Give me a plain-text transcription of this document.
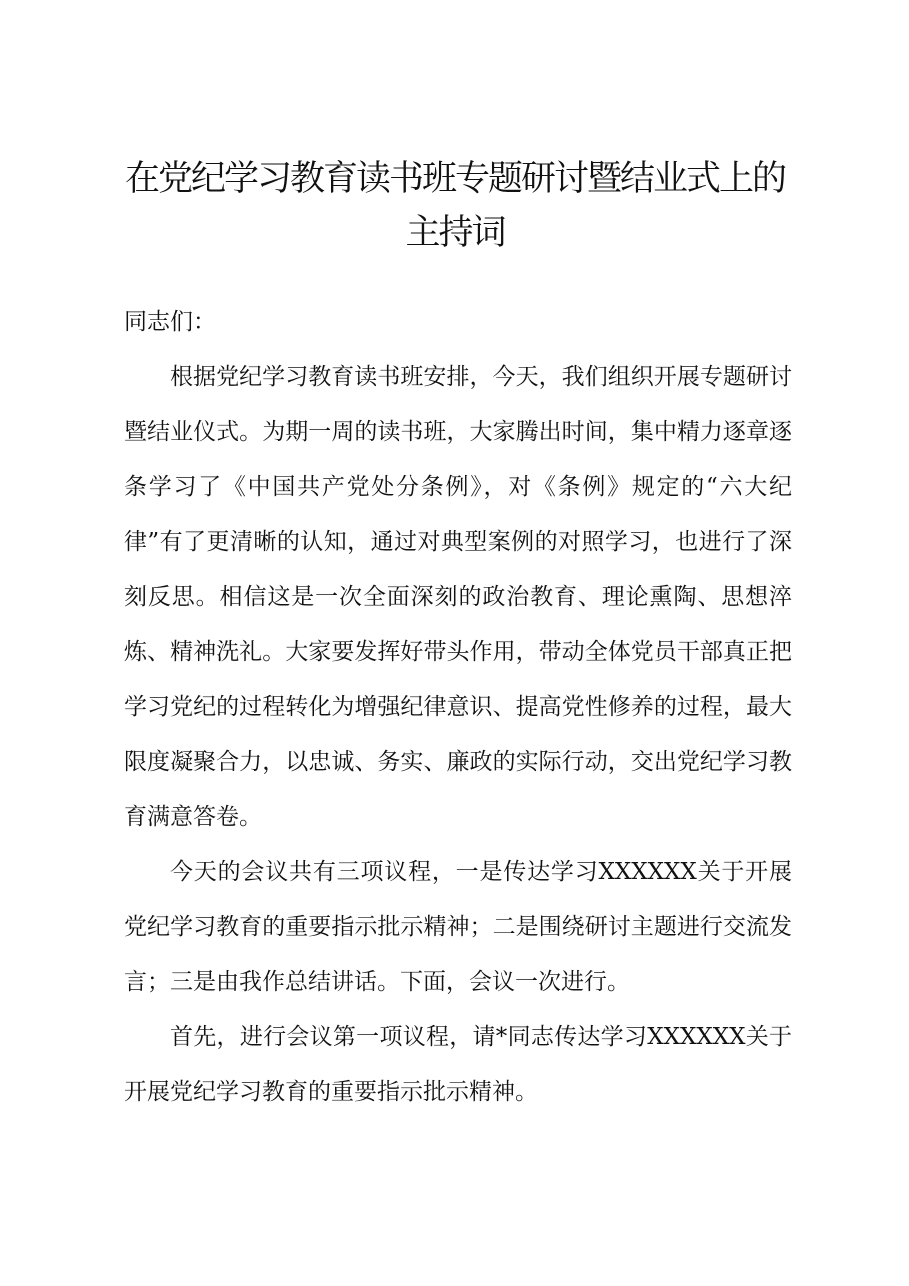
在党纪学习教育读书班专题研讨暨结业式上的
主持词

同志们：

根据党纪学习教育读书班安排，今天，我们组织开展专题研讨暨结业仪式。为期一周的读书班，大家腾出时间，集中精力逐章逐条学习了《中国共产党处分条例》，对《条例》规定的“六大纪律”有了更清晰的认知，通过对典型案例的对照学习，也进行了深刻反思。相信这是一次全面深刻的政治教育、理论熏陶、思想淬炼、精神洗礼。大家要发挥好带头作用，带动全体党员干部真正把学习党纪的过程转化为增强纪律意识、提高党性修养的过程，最大限度凝聚合力，以忠诚、务实、廉政的实际行动，交出党纪学习教育满意答卷。

今天的会议共有三项议程，一是传达学习XXXXXX关于开展党纪学习教育的重要指示批示精神；二是围绕研讨主题进行交流发言；三是由我作总结讲话。下面，会议一次进行。

首先，进行会议第一项议程，请*同志传达学习XXXXXX关于开展党纪学习教育的重要指示批示精神。
